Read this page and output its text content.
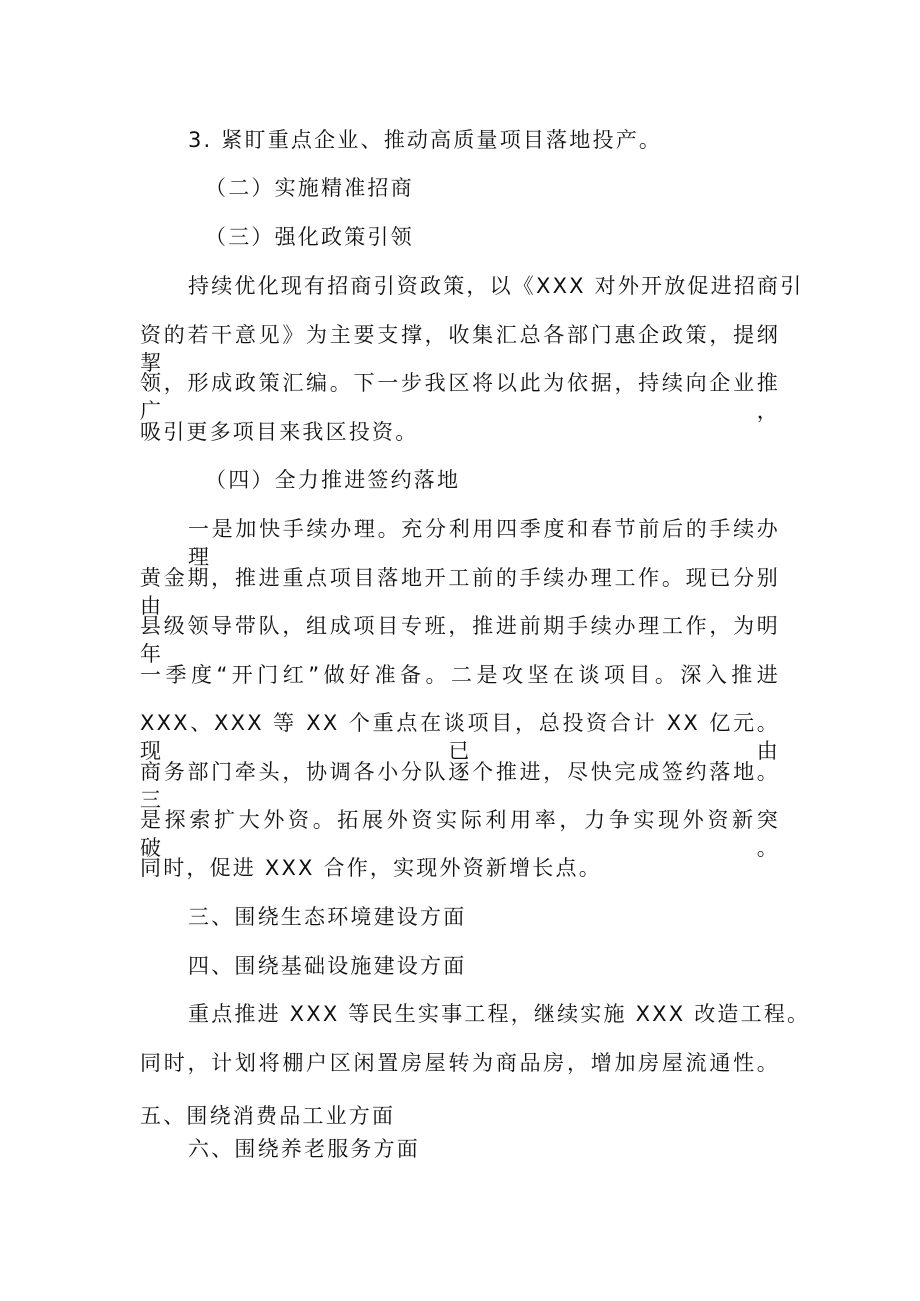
3. 紧盯重点企业、推动高质量项目落地投产。
（二）实施精准招商
（三）强化政策引领
持续优化现有招商引资政策，以《XXX 对外开放促进招商引
资的若干意见》为主要支撑，收集汇总各部门惠企政策，提纲挈
领，形成政策汇编。下一步我区将以此为依据，持续向企业推广，
吸引更多项目来我区投资。
（四）全力推进签约落地
一是加快手续办理。充分利用四季度和春节前后的手续办理
黄金期，推进重点项目落地开工前的手续办理工作。现已分别由
县级领导带队，组成项目专班，推进前期手续办理工作，为明年
一季度“开门红”做好准备。二是攻坚在谈项目。深入推进
XXX、XXX 等 XX 个重点在谈项目，总投资合计 XX 亿元。现已由
商务部门牵头，协调各小分队逐个推进，尽快完成签约落地。三
是探索扩大外资。拓展外资实际利用率，力争实现外资新突破。
同时，促进 XXX 合作，实现外资新增长点。
三、围绕生态环境建设方面
四、围绕基础设施建设方面
重点推进 XXX 等民生实事工程，继续实施 XXX 改造工程。
同时，计划将棚户区闲置房屋转为商品房，增加房屋流通性。
五、围绕消费品工业方面
六、围绕养老服务方面
